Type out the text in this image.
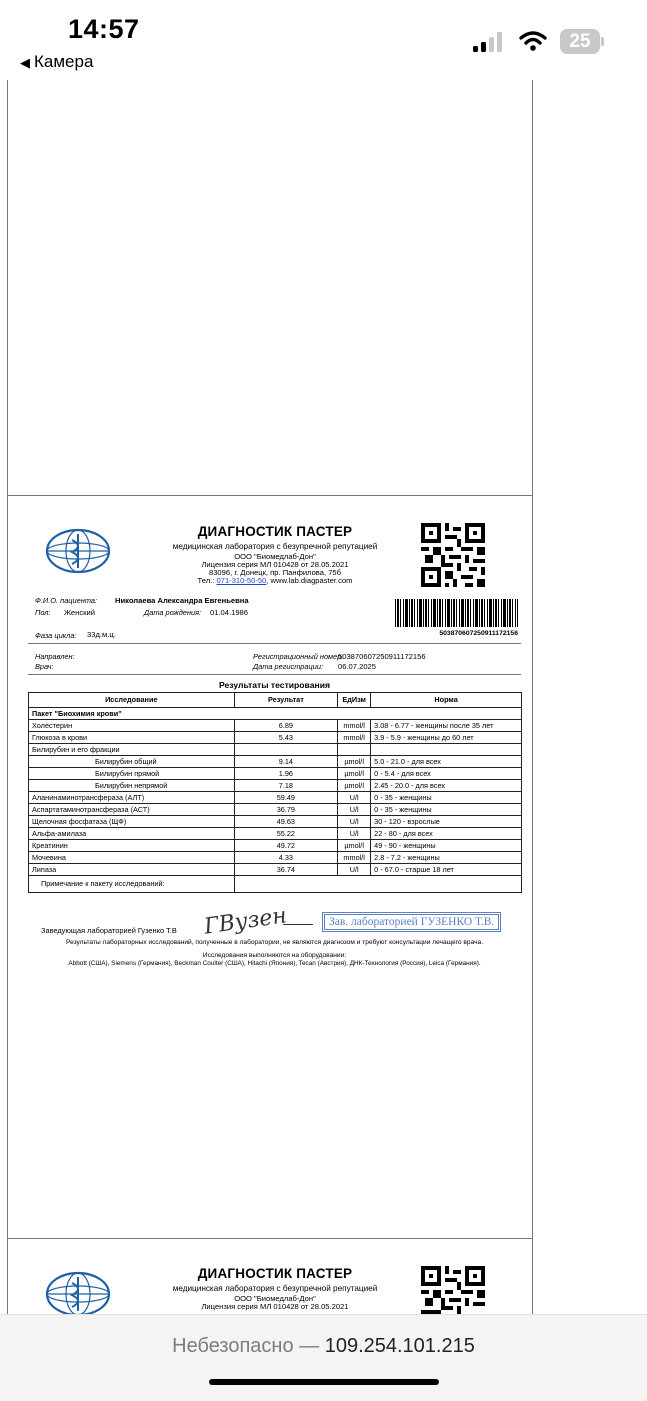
14:57
◀ Камера
25
ДИАГНОСТИК ПАСТЕР
медицинская лаборатория с безупречной репутацией
ООО "Биомедлаб-Дон"
Лицензия серия МЛ 010428 от 28.05.2021
83096, г. Донецк, пр. Панфилова, 75б
Тел.: 071-310-50-50, www.lab.diagpaster.com
Ф.И.О. пациента: Николаева Александра Евгеньевна
Пол: Женский	Дата рождения: 01.04.1986
Фаза цикла: 33д.м.ц.	503870607250911172156
Направлен:
Врач:
Регистрационный номер:
503870607250911172156
Дата регистрации: 06.07.2025
Результаты тестирования
Исследование	Результат	ЕдИзм	Норма
Пакет "Биохимия крови"			
Холестерин	6.89	mmol/l	3.08 - 6.77 - женщины после 35 лет
Глюкоза в крови	5.43	mmol/l	3.9 - 5.9 - женщины до 60 лет
Билирубин и его фракции			
Билирубин общий	9.14	µmol/l	5.0 - 21.0 - для всех
Билирубин прямой	1.96	µmol/l	0 - 5.4 - для всех
Билирубин непрямой	7.18	µmol/l	2.45 - 20.0 - для всех
Аланинаминотрансфераза (АЛТ)	59.49	U/l	0 - 35 - женщины
Аспартатаминотрансфераза (АСТ)	36.79	U/l	0 - 35 - женщины
Щелочная фосфатаза (ЩФ)	49.63	U/l	30 - 120 - взрослые
Альфа-амилаза	55.22	U/l	22 - 80 - для всех
Креатинин	49.72	µmol/l	49 - 90 - женщины
Мочевина	4.33	mmol/l	2.8 - 7.2 - женщины
Липаза	36.74	U/l	0 - 67.0 - старше 18 лет
Примечание к пакету исследований:			
Заведующая лабораторией Гузенко Т.В ГВузен	Зав. лабораторией ГУЗЕНКО Т.В.
Результаты лабораторных исследований, полученные в лаборатории, не являются диагнозом и требуют консультации лечащего врача.
Исследования выполняются на оборудовании:
Abbott (США), Siemens (Германия), Beckman Coulter (США), Hitachi (Япония), Tecan (Австрия), ДНК-Технология (Россия), Leica (Германия).
ДИАГНОСТИК ПАСТЕР
медицинская лаборатория с безупречной репутацией
ООО "Биомедлаб-Дон"
Лицензия серия МЛ 010428 от 28.05.2021
Небезопасно — 109.254.101.215
